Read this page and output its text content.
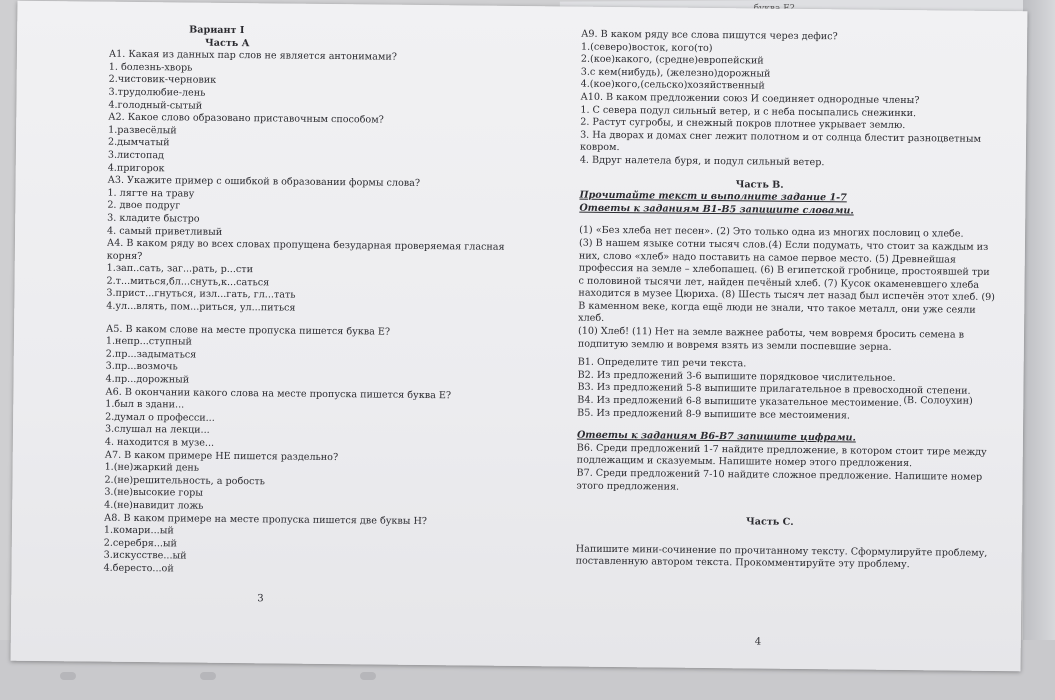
Вариант I
Часть А
А1. Какая из данных пар слов не является антонимами?
1. болезнь-хворь
2.чистовик-черновик
3.трудолюбие-лень
4.голодный-сытый
А2. Какое слово образовано приставочным способом?
1.развесёлый
2.дымчатый
3.листопад
4.пригорок
А3. Укажите пример с ошибкой в образовании формы слова?
1. лягте на траву
2. двое подруг
3. кладите быстро
4. самый приветливый
А4. В каком ряду во всех словах пропущена безударная проверяемая гласная
корня?
1.зап..сать, заг...рать, р...сти
2.т...миться,бл...снуть,к...саться
3.прист...гнуться, изл...гать, гл...тать
4.ул...влять, пом...риться, ул...питься
А5. В каком слове на месте пропуска пишется буква Е?
1.непр...ступный
2.пр...задыматься
3.пр...возмочь
4.пр...дорожный
А6. В окончании какого слова на месте пропуска пишется буква Е?
1.был в здани...
2.думал о професси...
3.слушал на лекци...
4. находится в музе...
А7. В каком примере НЕ пишется раздельно?
1.(не)жаркий день
2.(не)решительность, а робость
3.(не)высокие горы
4.(не)навидит ложь
А8. В каком примере на месте пропуска пишется две буквы Н?
1.комари...ый
2.серебря...ый
3.искусстве...ый
4.бересто...ой
3
А9. В каком ряду все слова пишутся через дефис?
1.(северо)восток, кого(то)
2.(кое)какого, (средне)европейский
3.с кем(нибудь), (железно)дорожный
4.(кое)кого,(сельско)хозяйственный
А10. В каком предложении союз И соединяет однородные члены?
1. С севера подул сильный ветер, и с неба посыпались снежинки.
2. Растут сугробы, и снежный покров плотнее укрывает землю.
3. На дворах и домах снег лежит полотном и от солнца блестит разноцветным
ковром.
4. Вдруг налетела буря, и подул сильный ветер.
Часть В.
Прочитайте текст и выполните задание 1-7
Ответы к заданиям В1-В5 запишите словами.
(1) «Без хлеба нет песен». (2) Это только одна из многих пословиц о хлебе.
(3) В нашем языке сотни тысяч слов.(4) Если подумать, что стоит за каждым из
них, слово «хлеб» надо поставить на самое первое место. (5) Древнейшая
профессия на земле – хлебопашец. (6) В египетской гробнице, простоявшей три
с половиной тысячи лет, найден печёный хлеб. (7) Кусок окаменевшего хлеба
находится в музее Цюриха. (8) Шесть тысяч лет назад был испечён этот хлеб. (9)
В каменном веке, когда ещё люди не знали, что такое металл, они уже сеяли
хлеб.
(10) Хлеб! (11) Нет на земле важнее работы, чем вовремя бросить семена в
подпитую землю и вовремя взять из земли поспевшие зерна.
В1. Определите тип речи текста.
В2. Из предложений 3-6 выпишите порядковое числительное.
В3. Из предложений 5-8 выпишите прилагательное в превосходной степени.
В4. Из предложений 6-8 выпишите указательное местоимение.
В5. Из предложений 8-9 выпишите все местоимения.
Ответы к заданиям В6-В7 запишите цифрами.
В6. Среди предложений 1-7 найдите предложение, в котором стоит тире между
подлежащим и сказуемым. Напишите номер этого предложения.
В7. Среди предложений 7-10 найдите сложное предложение. Напишите номер
этого предложения.
Часть С.
Напишите мини-сочинение по прочитанному тексту. Сформулируйте проблему,
поставленную автором текста. Прокомментируйте эту проблему.
(В. Солоухин)
4
